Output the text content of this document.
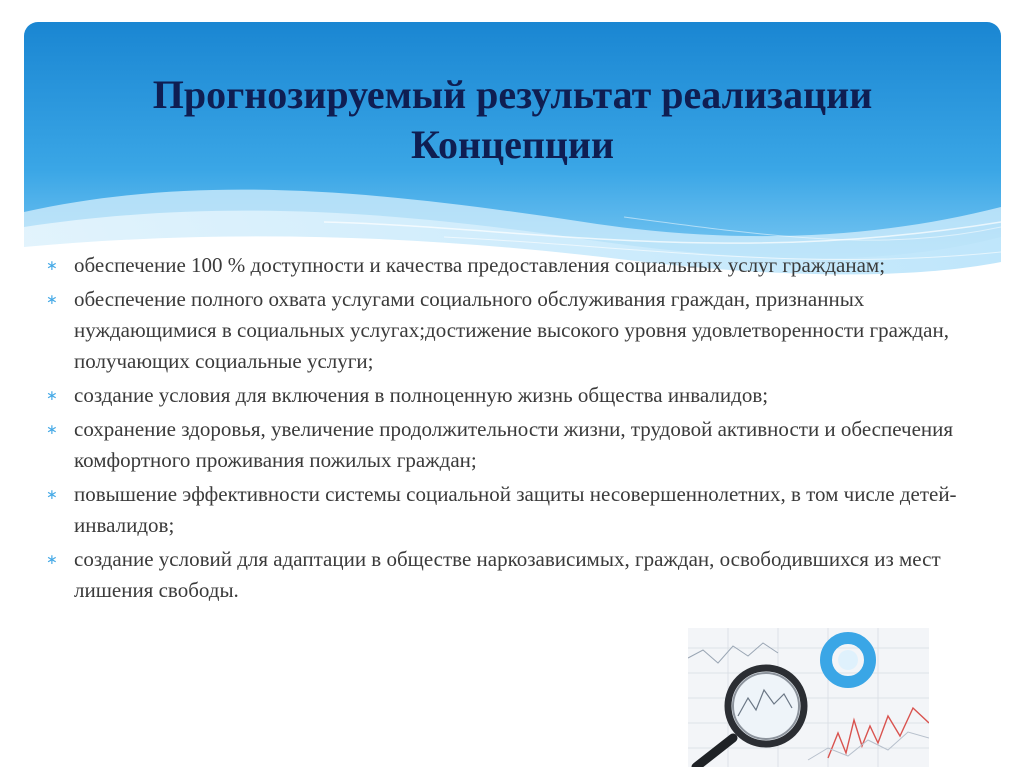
Прогнозируемый результат реализации
Концепции
∗ обеспечение 100 % доступности и качества предоставления социальных услуг гражданам;
∗ обеспечение полного охвата услугами социального обслуживания граждан, признанных нуждающимися в социальных услугах;достижение высокого уровня удовлетворенности граждан, получающих социальные услуги;
∗ создание условия для включения в полноценную жизнь общества инвалидов;
∗ сохранение здоровья, увеличение продолжительности жизни, трудовой активности и обеспечения комфортного проживания пожилых граждан;
∗ повышение эффективности системы социальной защиты несовершеннолетних, в том числе детей-инвалидов;
∗ создание условий для адаптации в обществе наркозависимых, граждан, освободившихся из мест лишения свободы.
